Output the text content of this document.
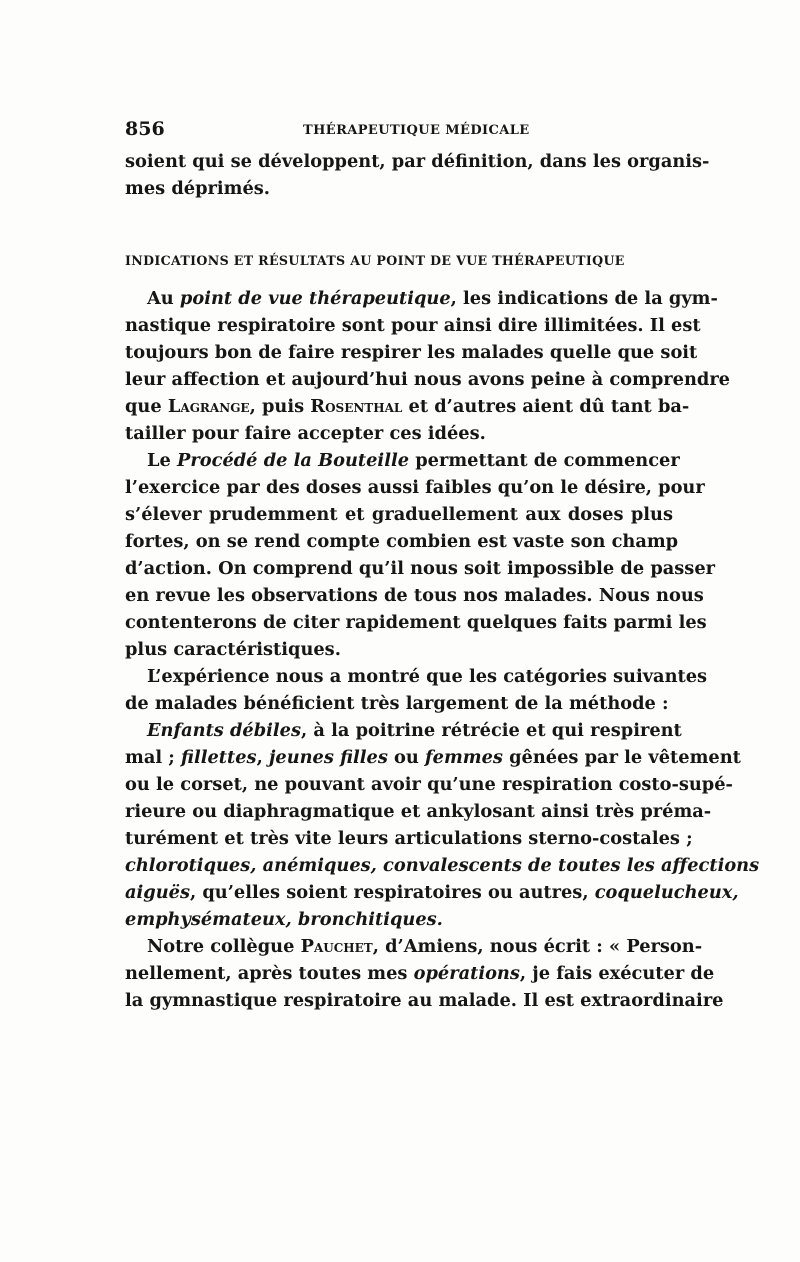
856	THÉRAPEUTIQUE MÉDICALE

soient qui se développent, par définition, dans les organis-
mes déprimés.

INDICATIONS ET RÉSULTATS AU POINT DE VUE THÉRAPEUTIQUE

Au point de vue thérapeutique, les indications de la gym-
nastique respiratoire sont pour ainsi dire illimitées. Il est
toujours bon de faire respirer les malades quelle que soit
leur affection et aujourd’hui nous avons peine à comprendre
que Lagrange, puis Rosenthal et d’autres aient dû tant ba-
tailler pour faire accepter ces idées.

Le Procédé de la Bouteille permettant de commencer
l’exercice par des doses aussi faibles qu’on le désire, pour
s’élever prudemment et graduellement aux doses plus
fortes, on se rend compte combien est vaste son champ
d’action. On comprend qu’il nous soit impossible de passer
en revue les observations de tous nos malades. Nous nous
contenterons de citer rapidement quelques faits parmi les
plus caractéristiques.

L’expérience nous a montré que les catégories suivantes
de malades bénéficient très largement de la méthode :

Enfants débiles, à la poitrine rétrécie et qui respirent
mal ; fillettes, jeunes filles ou femmes gênées par le vêtement
ou le corset, ne pouvant avoir qu’une respiration costo-supé-
rieure ou diaphragmatique et ankylosant ainsi très préma-
turément et très vite leurs articulations sterno-costales ;
chlorotiques, anémiques, convalescents de toutes les affections
aiguës, qu’elles soient respiratoires ou autres, coquelucheux,
emphysémateux, bronchitiques.

Notre collègue Pauchet, d’Amiens, nous écrit : « Person-
nellement, après toutes mes opérations, je fais exécuter de
la gymnastique respiratoire au malade. Il est extraordinaire
